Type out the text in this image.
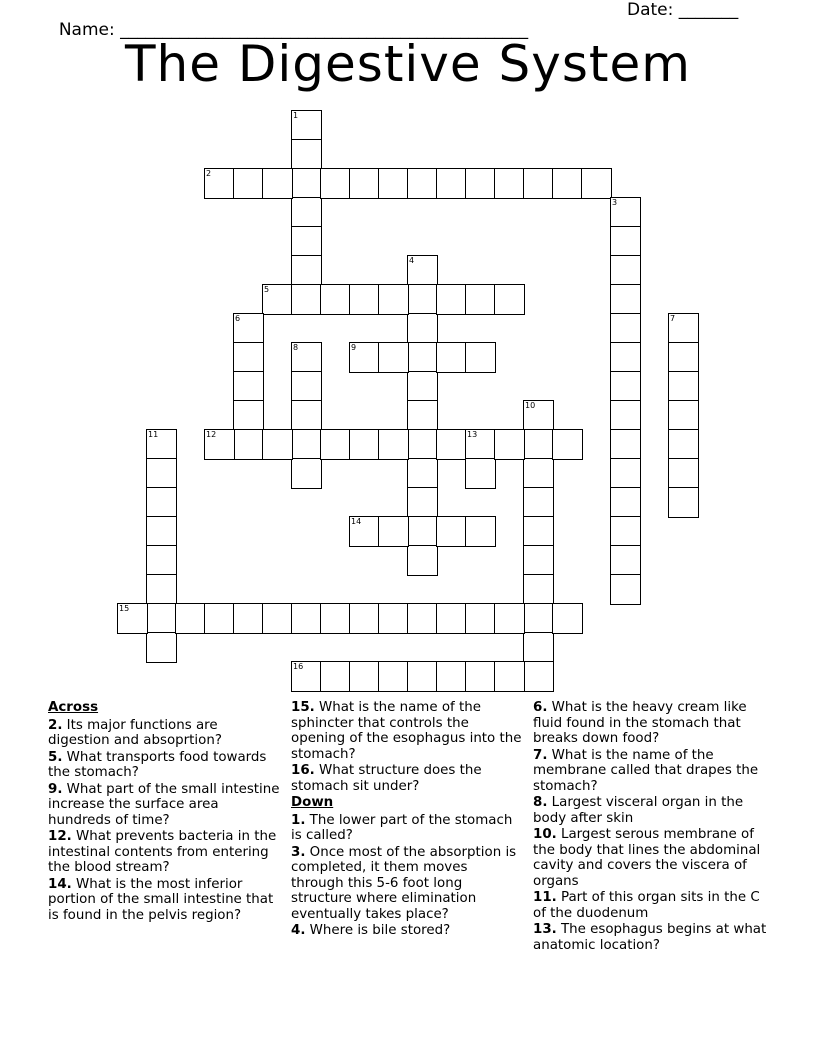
Name: ________________________________________________

Date: _______

The Digestive System
1
2
3
4
5
6	7
8	9
10
11	12	13
14
15
16
Across
2. Its major functions are digestion and absoprtion?
5. What transports food towards the stomach?
9. What part of the small intestine increase the surface area hundreds of time?
12. What prevents bacteria in the intestinal contents from entering the blood stream?
14. What is the most inferior portion of the small intestine that is found in the pelvis region?
15. What is the name of the sphincter that controls the opening of the esophagus into the stomach?
16. What structure does the stomach sit under?
Down
1. The lower part of the stomach is called?
3. Once most of the absorption is completed, it them moves through this 5-6 foot long structure where elimination eventually takes place?
4. Where is bile stored?
6. What is the heavy cream like fluid found in the stomach that breaks down food?
7. What is the name of the membrane called that drapes the stomach?
8. Largest visceral organ in the body after skin
10. Largest serous membrane of the body that lines the abdominal cavity and covers the viscera of organs
11. Part of this organ sits in the C of the duodenum
13. The esophagus begins at what anatomic location?
